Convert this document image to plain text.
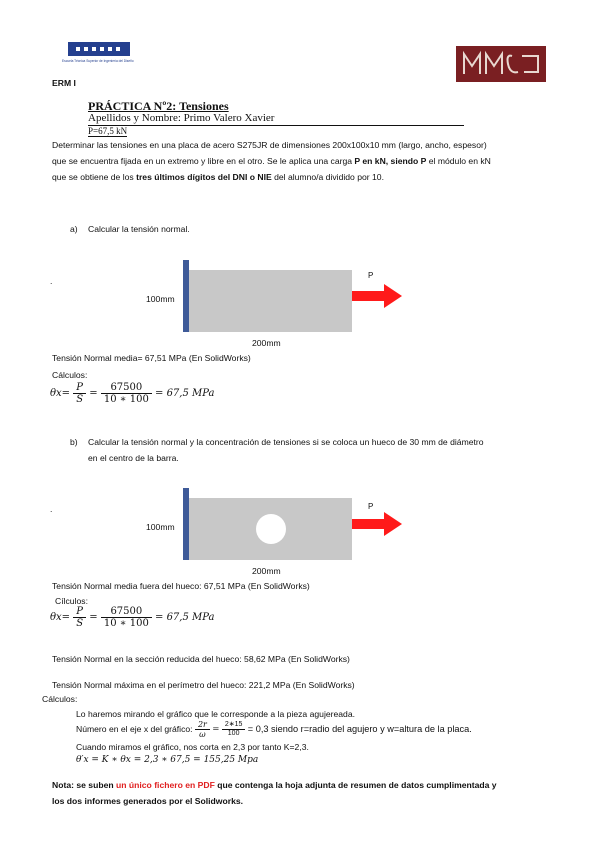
Escuela Técnica Superior de Ingeniería del Diseño
ERM I
PRÁCTICA Nº2: Tensiones
Apellidos y Nombre: Primo Valero Xavier
P=67,5 kN
Determinar las tensiones en una placa de acero S275JR de dimensiones 200x100x10 mm (largo, ancho, espesor)
que se encuentra fijada en un extremo y libre en el otro. Se le aplica una carga P en kN, siendo P el módulo en kN
que se obtiene de los tres últimos dígitos del DNI o NIE del alumno/a dividido por 10.
a) Calcular la tensión normal.
.
P
100mm
200mm
Tensión Normal media= 67,51 MPa (En SolidWorks)
Cálculos:
$\theta x= \frac{P}{S} = \frac{67500}{10 ∗ 100} = 67,5$ MPa
b) Calcular la tensión normal y la concentración de tensiones si se coloca un hueco de 30 mm de diámetro
en el centro de la barra.
.	P
100mm
200mm
Tensión Normal media fuera del hueco: 67,51 MPa (En SolidWorks)
Cílculos:
$\theta x= \frac{P}{S} = \frac{67500}{10 ∗ 100} = 67,5$ MPa
Tensión Normal en la sección reducida del hueco: 58,62 MPa (En SolidWorks)
Tensión Normal máxima en el perímetro del hueco: 221,2 MPa (En SolidWorks)
Cálculos:
Lo haremos mirando el gráfico que le corresponde a la pieza agujereada.
Número en el eje x del gráfico: $\frac{2r}{\omega} = \frac{2∗15}{100} = 0,3$ siendo r=radio del agujero y w=altura de la placa.
Cuando miramos el gráfico, nos corta en 2,3 por tanto K=2,3.
θ′x = K ∗ θx = 2,3 ∗ 67,5 = 155,25 Mpa
Nota: se suben un único fichero en PDF que contenga la hoja adjunta de resumen de datos cumplimentada y
los dos informes generados por el Solidworks.
